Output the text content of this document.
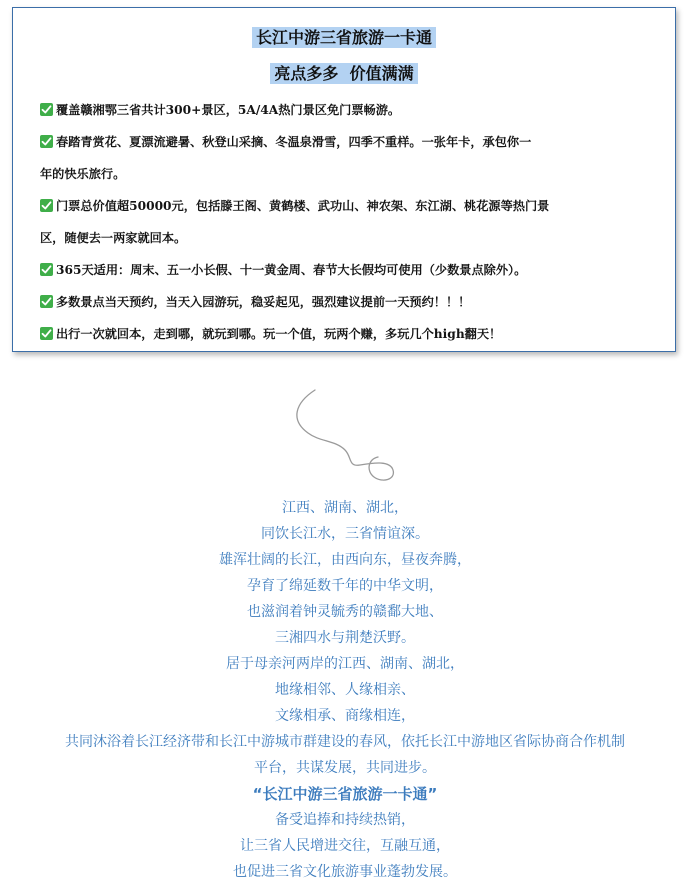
长江中游三省旅游一卡通
亮点多多  价值满满
覆盖赣湘鄂三省共计300+景区，5A/4A热门景区免门票畅游。
春踏青赏花、夏漂流避暑、秋登山采摘、冬温泉滑雪，四季不重样。一张年卡，承包你一
年的快乐旅行。
门票总价值超50000元，包括滕王阁、黄鹤楼、武功山、神农架、东江湖、桃花源等热门景
区，随便去一两家就回本。
365天适用：周末、五一小长假、十一黄金周、春节大长假均可使用（少数景点除外）。
多数景点当天预约，当天入园游玩，稳妥起见，强烈建议提前一天预约！！！
出行一次就回本，走到哪，就玩到哪。玩一个值，玩两个赚，多玩几个high翻天！
江西、湖南、湖北，
同饮长江水，三省情谊深。
雄浑壮阔的长江，由西向东，昼夜奔腾，
孕育了绵延数千年的中华文明，
也滋润着钟灵毓秀的赣鄱大地、
三湘四水与荆楚沃野。
居于母亲河两岸的江西、湖南、湖北，
地缘相邻、人缘相亲、
文缘相承、商缘相连，
共同沐浴着长江经济带和长江中游城市群建设的春风，依托长江中游地区省际协商合作机制
平台，共谋发展，共同进步。
“长江中游三省旅游一卡通”
备受追捧和持续热销，
让三省人民增进交往，互融互通，
也促进三省文化旅游事业蓬勃发展。
